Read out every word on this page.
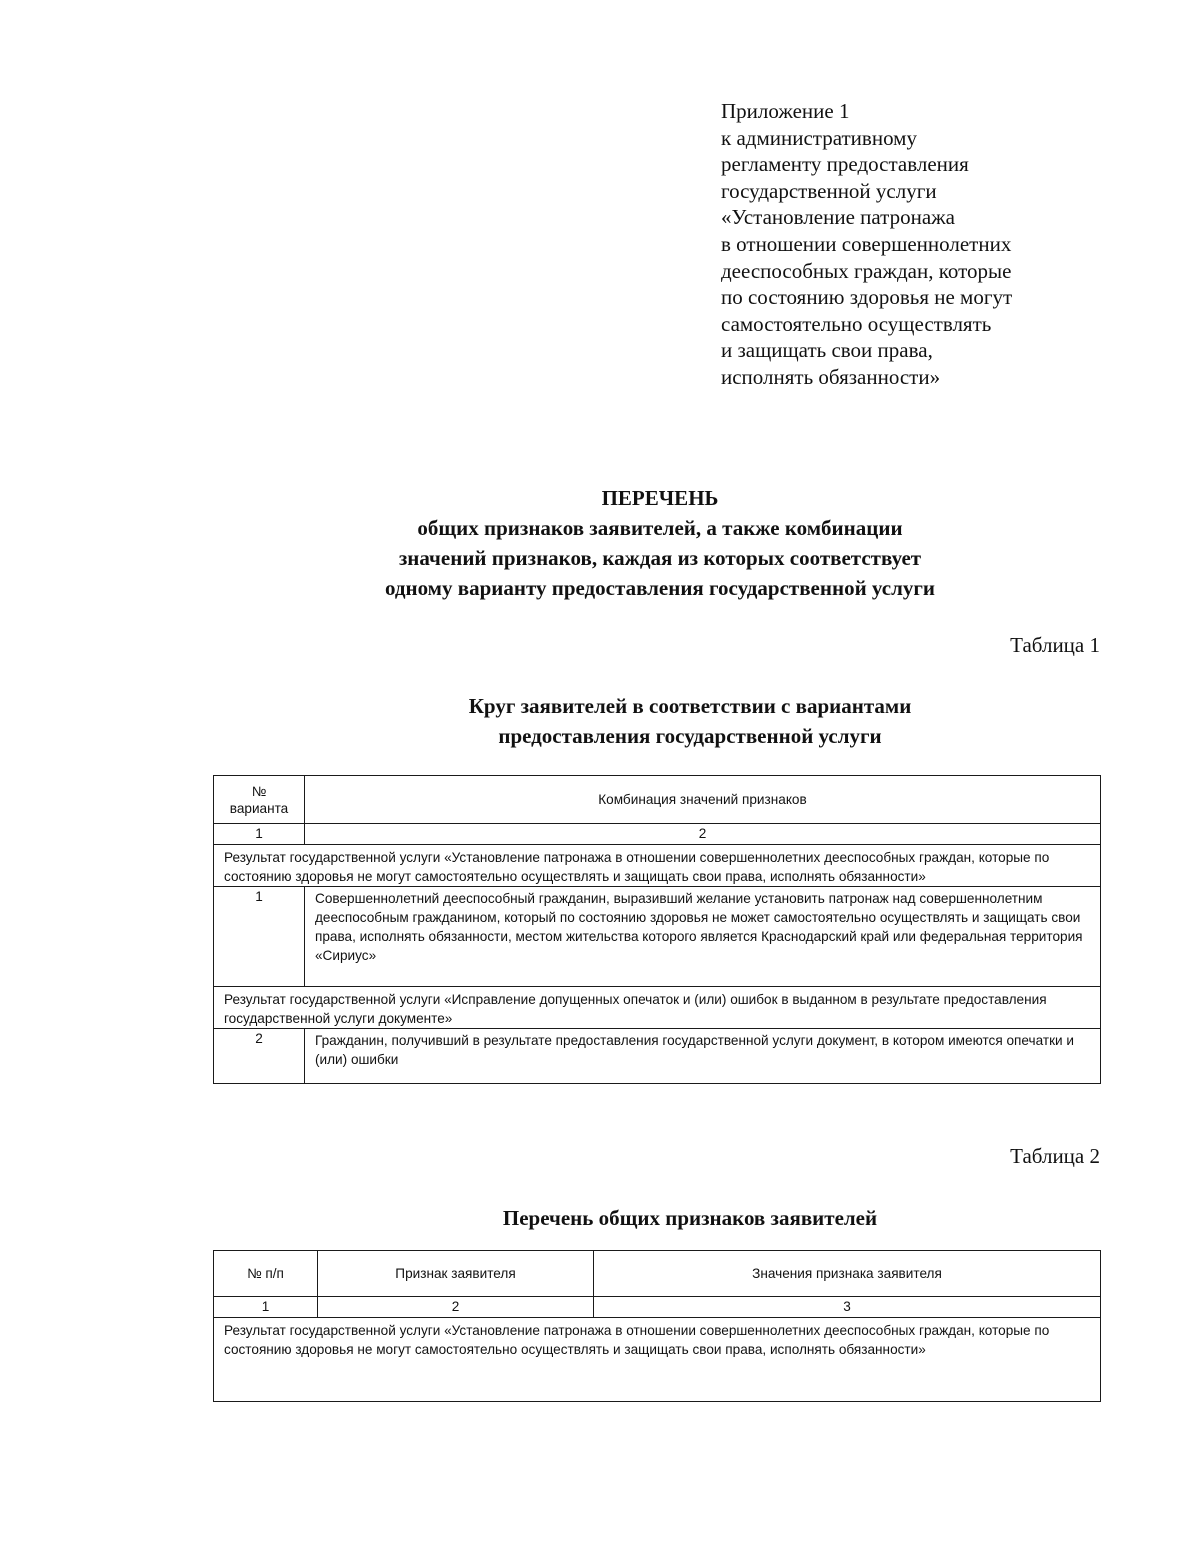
Приложение 1
к административному
регламенту предоставления
государственной услуги
«Установление патронажа
в отношении совершеннолетних
дееспособных граждан, которые
по состоянию здоровья не могут
самостоятельно осуществлять
и защищать свои права,
исполнять обязанности»
ПЕРЕЧЕНЬ
общих признаков заявителей, а также комбинации
значений признаков, каждая из которых соответствует
одному варианту предоставления государственной услуги
Таблица 1
Круг заявителей в соответствии с вариантами
предоставления государственной услуги
№
варианта	Комбинация значений признаков
1	2
Результат государственной услуги «Установление патронажа в отношении совершеннолетних дееспособных граждан, которые по состоянию здоровья не могут самостоятельно осуществлять и защищать свои права, исполнять обязанности»	
1	Совершеннолетний дееспособный гражданин, выразивший желание установить патронаж над совершеннолетним дееспособным гражданином, который по состоянию здоровья не может самостоятельно осуществлять и защищать свои права, исполнять обязанности, местом жительства которого является Краснодарский край или федеральная территория «Сириус»
Результат государственной услуги «Исправление допущенных опечаток и (или) ошибок в выданном в результате предоставления государственной услуги документе»	
2	Гражданин, получивший в результате предоставления государственной услуги документ, в котором имеются опечатки и (или) ошибки
Таблица 2
Перечень общих признаков заявителей
№ п/п	Признак заявителя	Значения признака заявителя
1	2	3
Результат государственной услуги «Установление патронажа в отношении совершеннолетних дееспособных граждан, которые по состоянию здоровья не могут самостоятельно осуществлять и защищать свои права, исполнять обязанности»		
